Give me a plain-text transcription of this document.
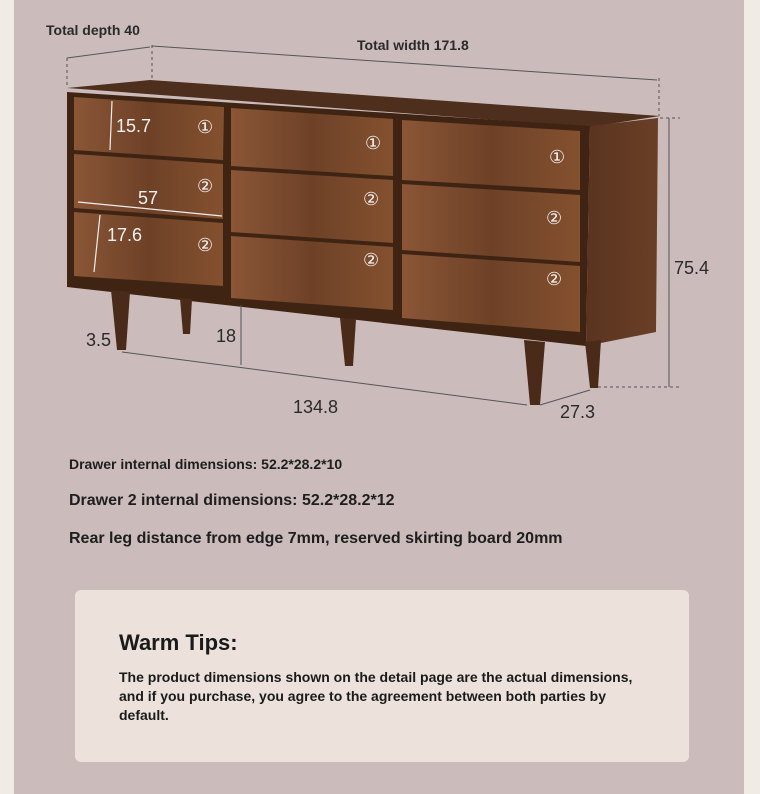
Total depth 40
Total width 171.8
15.7
57
17.6
75.4
3.5	18
134.8	27.3
①
②
②
①
②
②
①
②
②
Drawer internal dimensions: 52.2*28.2*10
Drawer 2 internal dimensions: 52.2*28.2*12
Rear leg distance from edge 7mm, reserved skirting board 20mm
Warm Tips:
The product dimensions shown on the detail page are the actual dimensions, and if you purchase, you agree to the agreement between both parties by default.
